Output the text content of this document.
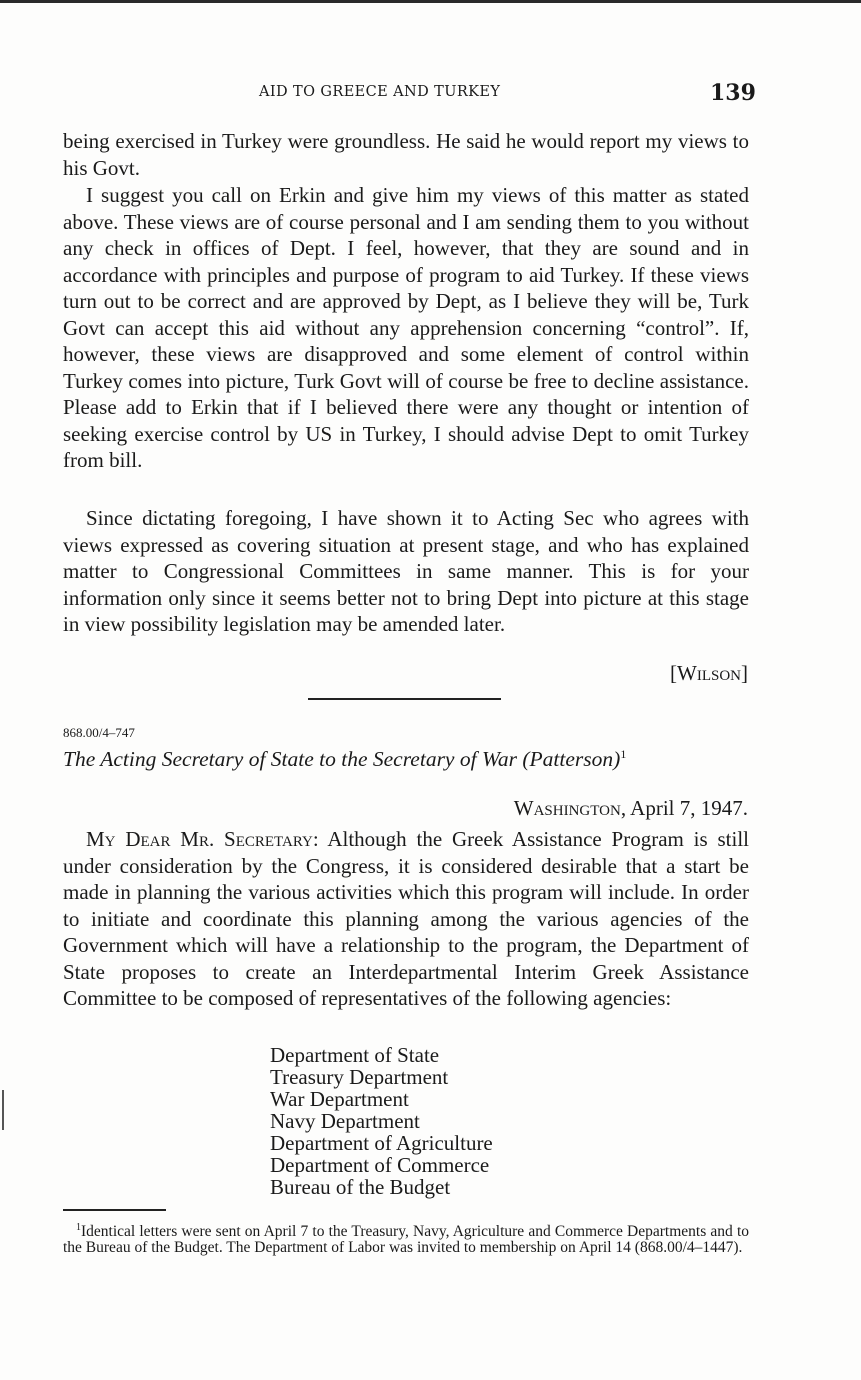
AID TO GREECE AND TURKEY	139

being exercised in Turkey were groundless. He said he would report my views to his Govt.

I suggest you call on Erkin and give him my views of this matter as stated above. These views are of course personal and I am sending them to you without any check in offices of Dept. I feel, however, that they are sound and in accordance with principles and purpose of program to aid Turkey. If these views turn out to be correct and are approved by Dept, as I believe they will be, Turk Govt can accept this aid without any apprehension concerning “control”. If, however, these views are disapproved and some element of control within Turkey comes into picture, Turk Govt will of course be free to decline assistance. Please add to Erkin that if I believed there were any thought or intention of seeking exercise control by US in Turkey, I should advise Dept to omit Turkey from bill.

Since dictating foregoing, I have shown it to Acting Sec who agrees with views expressed as covering situation at present stage, and who has explained matter to Congressional Committees in same manner. This is for your information only since it seems better not to bring Dept into picture at this stage in view possibility legislation may be amended later.

[Wilson]
868.00/4–747
The Acting Secretary of State to the Secretary of War (Patterson)$^1$
Washington, April 7, 1947.

My Dear Mr. Secretary: Although the Greek Assistance Program is still under consideration by the Congress, it is considered desirable that a start be made in planning the various activities which this program will include. In order to initiate and coordinate this planning among the various agencies of the Government which will have a relationship to the program, the Department of State proposes to create an Interdepartmental Interim Greek Assistance Committee to be composed of representatives of the following agencies:

Department of State
Treasury Department
War Department
Navy Department
Department of Agriculture
Department of Commerce
Bureau of the Budget

$^1$Identical letters were sent on April 7 to the Treasury, Navy, Agriculture and Commerce Departments and to the Bureau of the Budget. The Department of Labor was invited to membership on April 14 (868.00/4–1447).
